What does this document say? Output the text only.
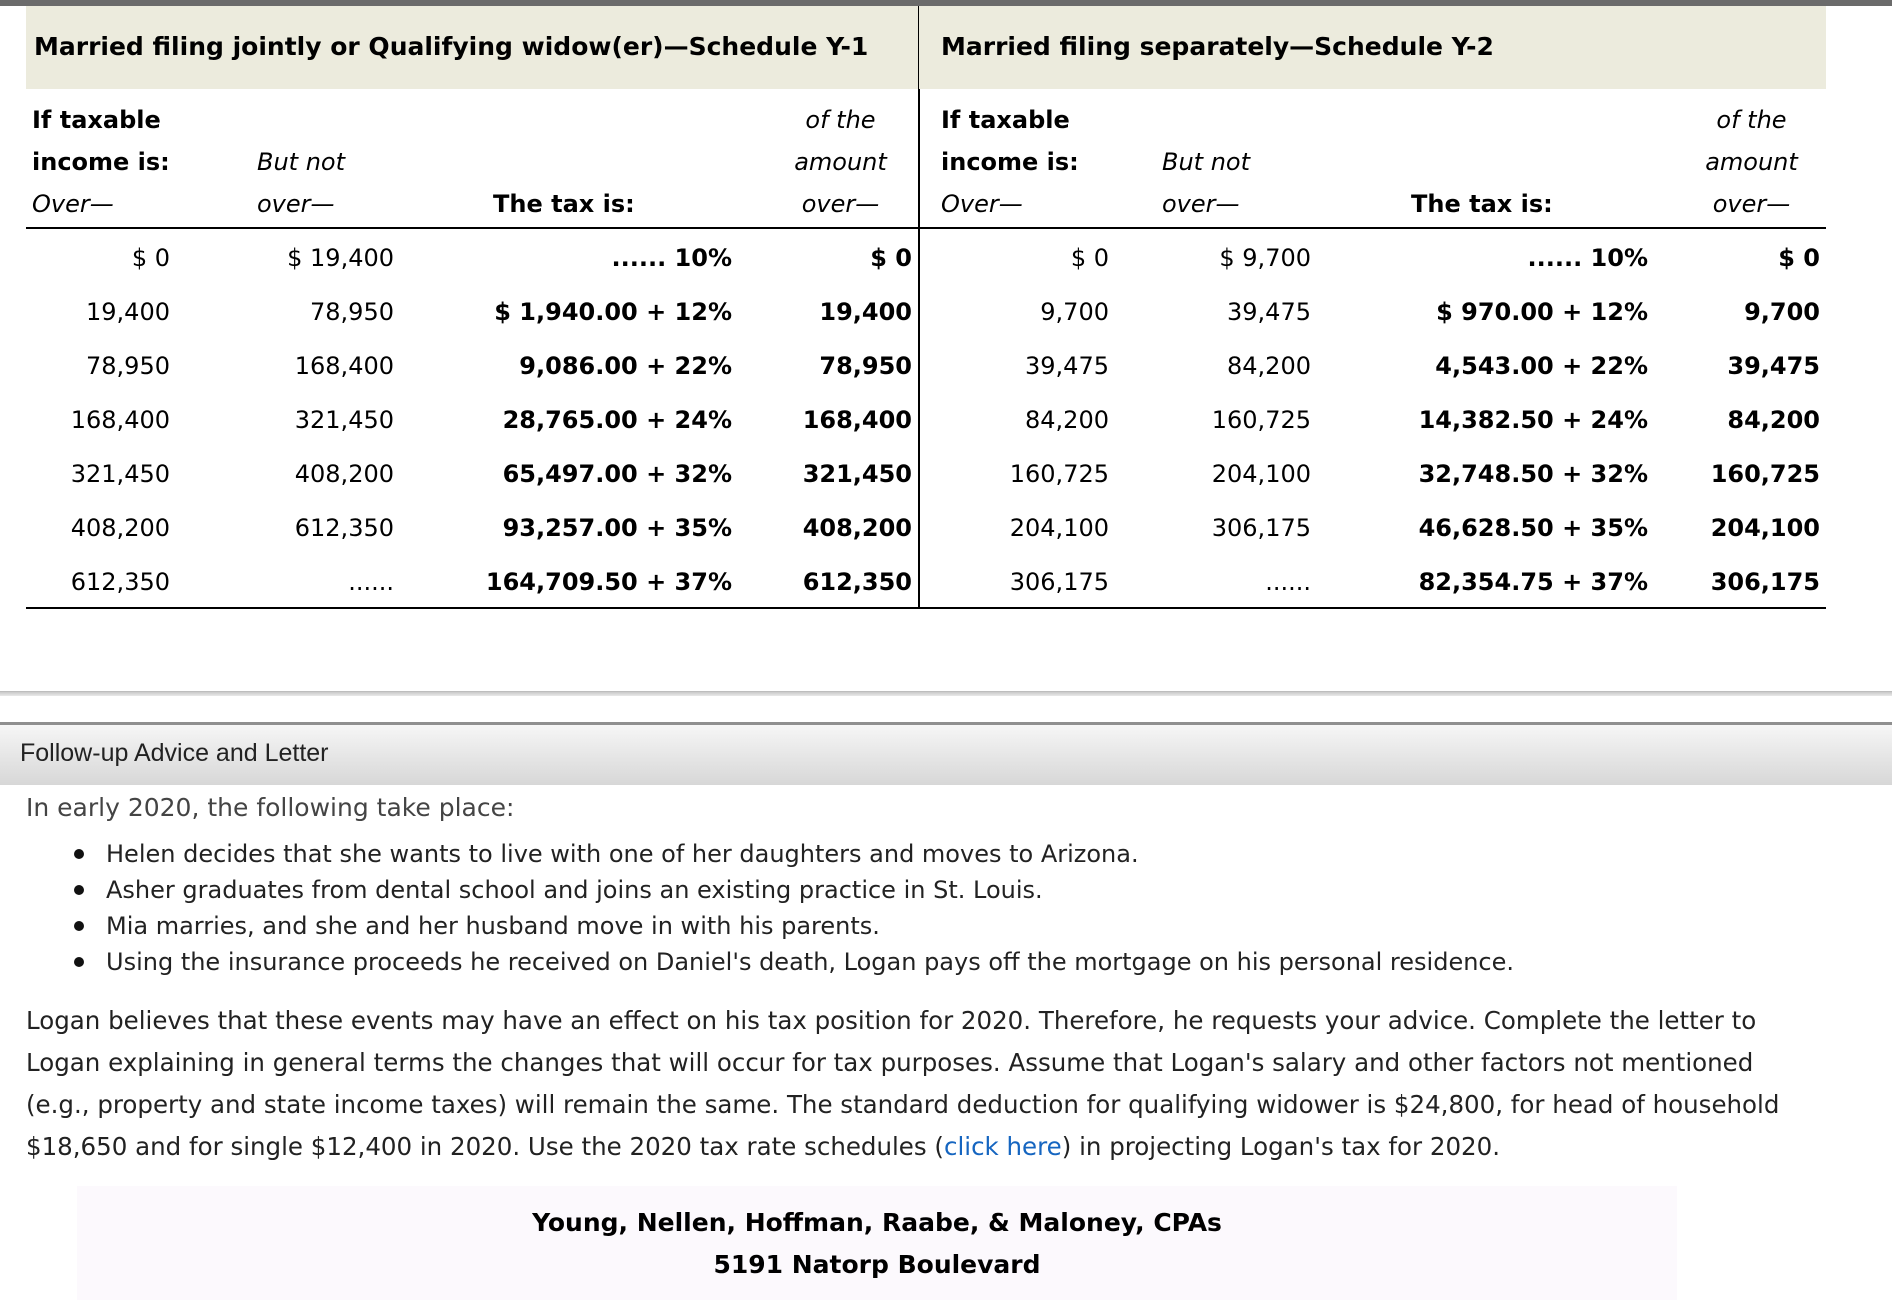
Married filing jointly or Qualifying widow(er)—Schedule Y-1
If taxable
income is:
Over—
But not
over—	The tax is:
of the
amount
over—
$ 0	$ 19,400	...... 10%	$ 0
19,400	78,950	$ 1,940.00 + 12%	19,400
78,950	168,400	9,086.00 + 22%	78,950
168,400	321,450	28,765.00 + 24%	168,400
321,450	408,200	65,497.00 + 32%	321,450
408,200	612,350	93,257.00 + 35%	408,200
612,350	......	164,709.50 + 37%	612,350
Married filing separately—Schedule Y-2
If taxable
income is:
Over—
But not
over—	The tax is:
of the
amount
over—
$ 0	$ 9,700	...... 10%	$ 0
9,700	39,475	$ 970.00 + 12%	9,700
39,475	84,200	4,543.00 + 22%	39,475
84,200	160,725	14,382.50 + 24%	84,200
160,725	204,100	32,748.50 + 32%	160,725
204,100	306,175	46,628.50 + 35%	204,100
306,175	......	82,354.75 + 37%	306,175
Follow-up Advice and Letter
In early 2020, the following take place:
Helen decides that she wants to live with one of her daughters and moves to Arizona.
Asher graduates from dental school and joins an existing practice in St. Louis.
Mia marries, and she and her husband move in with his parents.
Using the insurance proceeds he received on Daniel's death, Logan pays off the mortgage on his personal residence.
Logan believes that these events may have an effect on his tax position for 2020. Therefore, he requests your advice. Complete the letter to Logan explaining in general terms the changes that will occur for tax purposes. Assume that Logan's salary and other factors not mentioned (e.g., property and state income taxes) will remain the same. The standard deduction for qualifying widower is $24,800, for head of household $18,650 and for single $12,400 in 2020. Use the 2020 tax rate schedules (click here) in projecting Logan's tax for 2020.
Young, Nellen, Hoffman, Raabe, & Maloney, CPAs
5191 Natorp Boulevard
